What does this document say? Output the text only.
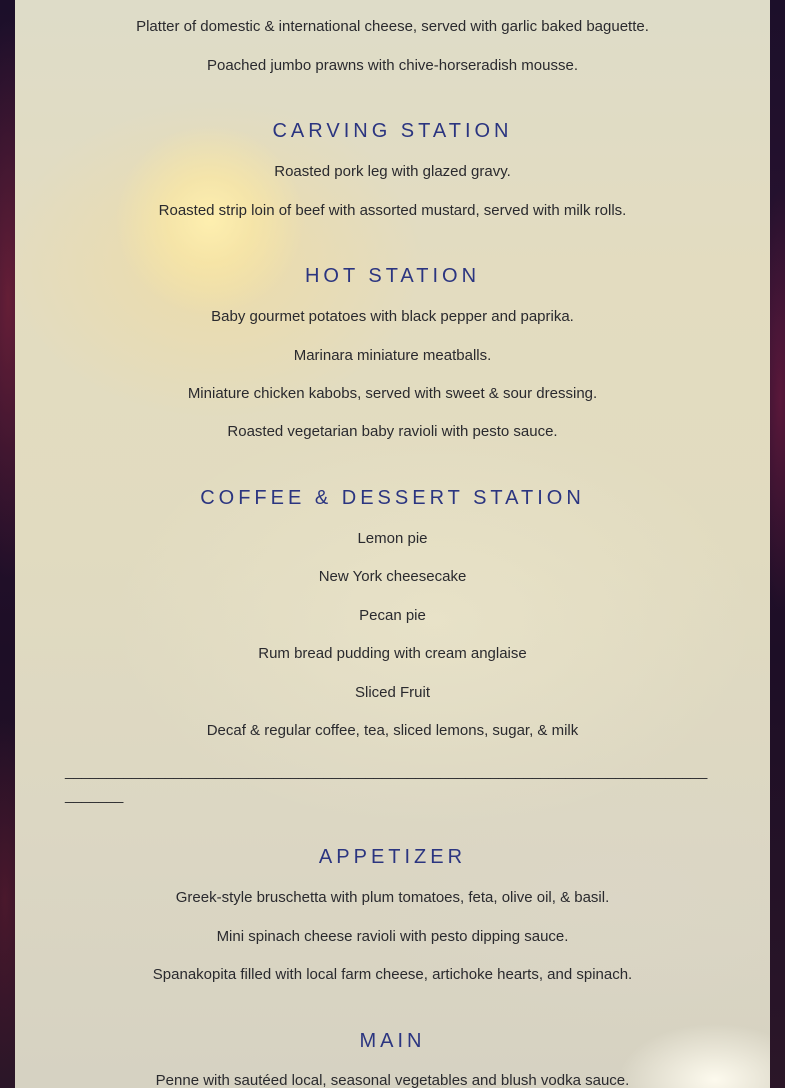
Platter of domestic & international cheese, served with garlic baked baguette.
Poached jumbo prawns with chive-horseradish mousse.
CARVING STATION
Roasted pork leg with glazed gravy.
Roasted strip loin of beef with assorted mustard, served with milk rolls.
HOT STATION
Baby gourmet potatoes with black pepper and paprika.
Marinara miniature meatballs.
Miniature chicken kabobs, served with sweet & sour dressing.
Roasted vegetarian baby ravioli with pesto sauce.
COFFEE & DESSERT STATION
Lemon pie
New York cheesecake
Pecan pie
Rum bread pudding with cream anglaise
Sliced Fruit
Decaf & regular coffee, tea, sliced lemons, sugar, & milk
____________________________________________________________________________________
APPETIZER
Greek-style bruschetta with plum tomatoes, feta, olive oil, & basil.
Mini spinach cheese ravioli with pesto dipping sauce.
Spanakopita filled with local farm cheese, artichoke hearts, and spinach.
MAIN
Penne with sautéed local, seasonal vegetables and blush vodka sauce.
